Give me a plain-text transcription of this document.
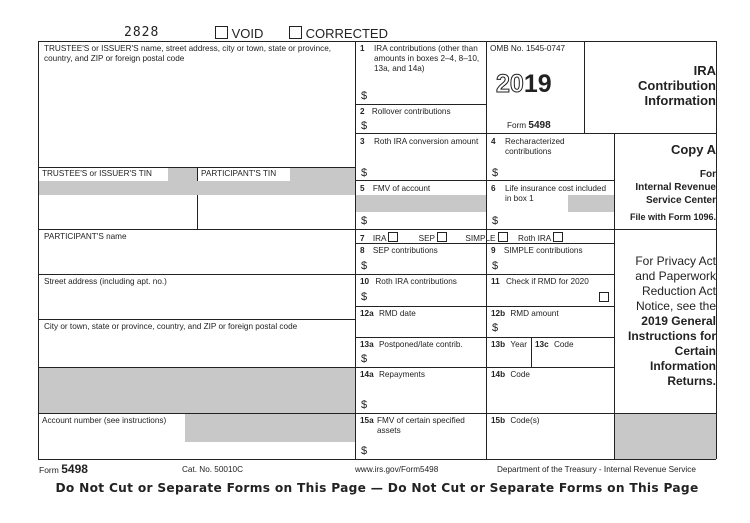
2828	VOID	CORRECTED
TRUSTEE'S or ISSUER'S name, street address, city or town, state or province, country, and ZIP or foreign postal code
TRUSTEE'S or ISSUER'S TIN	PARTICIPANT'S TIN
PARTICIPANT'S name
Street address (including apt. no.)
City or town, state or province, country, and ZIP or foreign postal code
Account number (see instructions)
1 IRA contributions (other than amounts in boxes 2–4, 8–10, 13a, and 14a)
$
2 Rollover contributions
$
OMB No. 1545-0747
2019
Form 5498
IRA
Contribution
Information
3 Roth IRA conversion amount
$
4 Recharacterized contributions
$
Copy A
For
Internal Revenue
Service Center
File with Form 1096.
5 FMV of account
$
6 Life insurance cost included in box 1
$
7 IRA	SEP	SIMPLE	Roth IRA
For Privacy Act
and Paperwork
Reduction Act
Notice, see the
2019 General
Instructions for
Certain
Information
Returns.
8 SEP contributions
$
9 SIMPLE contributions
$
10 Roth IRA contributions
$
11 Check if RMD for 2020
12a RMD date	12b RMD amount
$
13a Postponed/late contrib.
$
13b Year 13c Code
14a Repayments
$
14b Code
15a FMV of certain specified assets
$
15b Code(s)
Form 5498	Cat. No. 50010C	www.irs.gov/Form5498	Department of the Treasury - Internal Revenue Service
Do Not Cut or Separate Forms on This Page — Do Not Cut or Separate Forms on This Page
